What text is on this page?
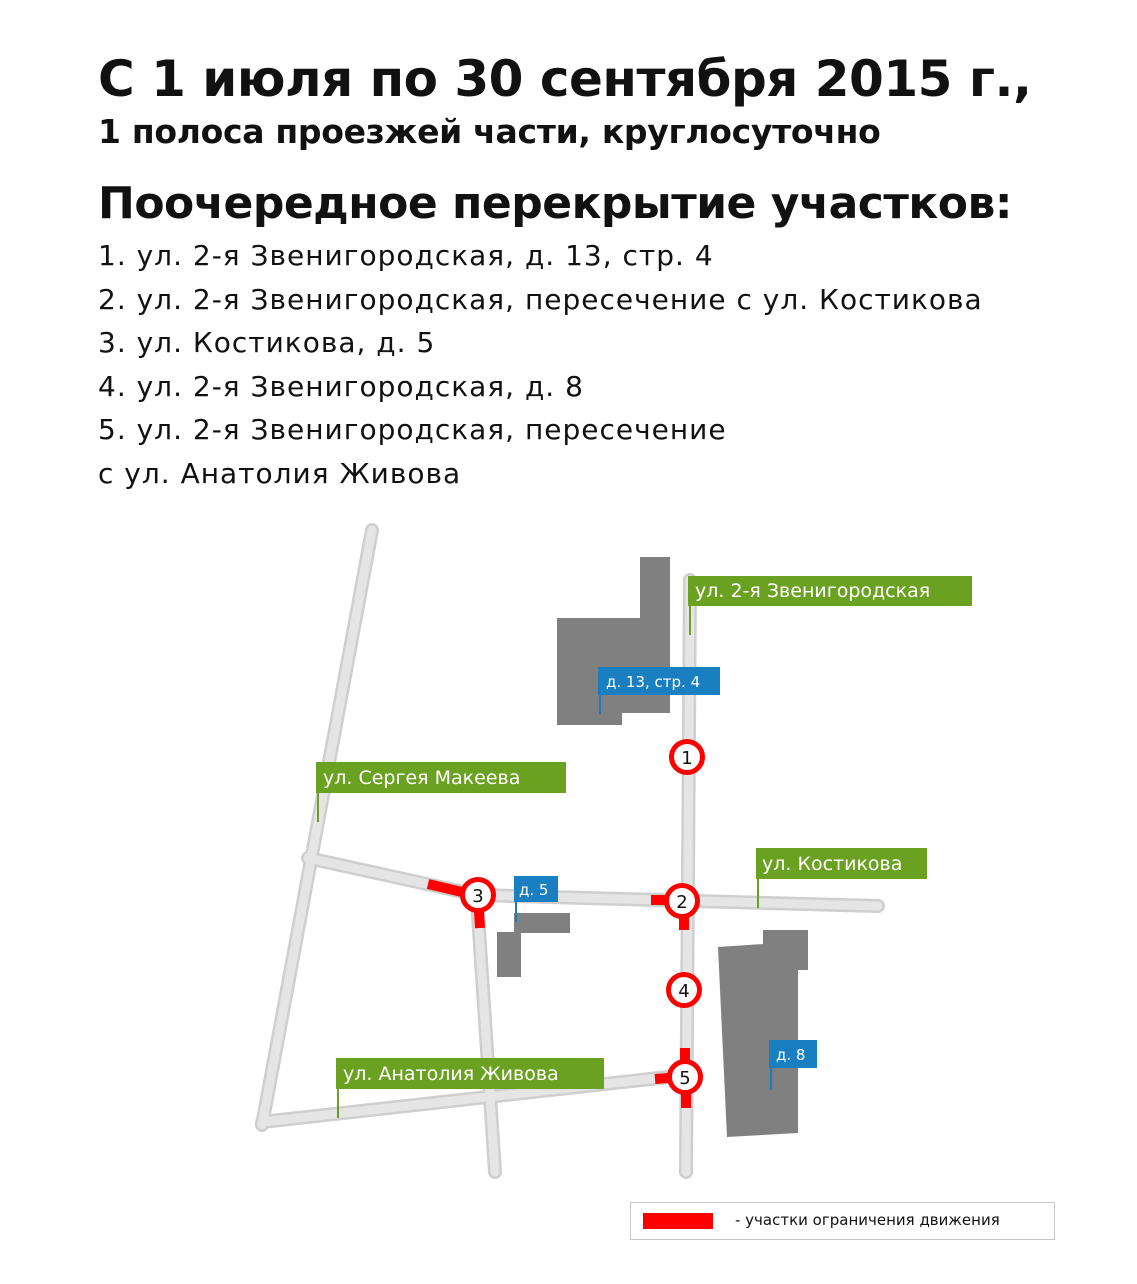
С 1 июля по 30 сентября 2015 г.,
1 полоса проезжей части, круглосуточно
Поочередное перекрытие участков:
1. ул. 2-я Звенигородская, д. 13, стр. 4
2. ул. 2-я Звенигородская, пересечение с ул. Костикова
3. ул. Костикова, д. 5
4. ул. 2-я Звенигородская, д. 8
5. ул. 2-я Звенигородская, пересечение
с ул. Анатолия Живова
ул. 2-я Звенигородская
ул. Сергея Макеева
ул. Костикова
ул. Анатолия Живова
д. 13, стр. 4
д. 5
д. 8
1
2
3
4
5
- участки ограничения движения
